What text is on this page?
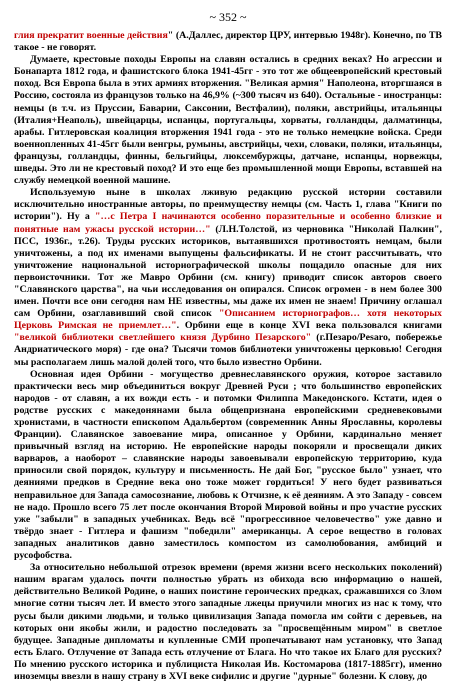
~ 352 ~

глия прекратит военные действия" (А.Даллес, директор ЦРУ, интервью 1948г). Конечно, по ТВ такое - не говорят.

Думаете, крестовые походы Европы на славян остались в средних веках? Но агрессии и Бонапарта 1812 года, и фашистского блока 1941-45гг - это тот же общеевропейский крестовый поход. Вся Европа была в этих армиях вторжения. "Великая армия" Наполеона, вторгшаяся в Россию, состояла из французов только на 46,9% (~300 тысяч из 640). Остальные - иностранцы: немцы (в т.ч. из Пруссии, Баварии, Саксонии, Вестфалии), поляки, австрийцы, итальянцы (Италия+Неаполь), швейцарцы, испанцы, португальцы, хорваты, голландцы, далматинцы, арабы. Гитлеровская коалиция вторжения 1941 года - это не только немецкие войска. Среди военнопленных 41-45гг были венгры, румыны, австрийцы, чехи, словаки, поляки, итальянцы, французы, голландцы, финны, бельгийцы, люксембуржцы, датчане, испанцы, норвежцы, шведы. Это ли не крестовый поход? И это еще без промышленной мощи Европы, вставшей на службу немецкой военной машине.

Используемую ныне в школах лживую редакцию русской истории составили исключительно иностранные авторы, по преимуществу немцы (см. Часть 1, глава "Книги по истории"). Ну а "…с Петра I начинаются особенно поразительные и особенно близкие и понятные нам ужасы русской истории…" (Л.Н.Толстой, из черновика "Николай Палкин", ПСС, 1936г., т.26). Труды русских историков, вытаявшихся противостоять немцам, были уничтожены, а под их именами выпущены фальсификаты. И не стоит рассчитывать, что уничтожение национальной историографической школы пощадило опасные для них первоисточники. Тот же Мавро Орбини (см. книгу) приводит список авторов своего "Славянского царства", на чьи исследования он опирался. Список огромен - в нем более 300 имен. Почти все они сегодня нам НЕ известны, мы даже их имен не знаем! Причину оглашал сам Орбини, озаглавивший свой список "Описанием историографов… хотя некоторых Церковь Римская не приемлет…". Орбини еще в конце XVI века пользовался книгами "великой библиотеки светлейшего князя Дурбино Пезарского" (г.Пезаро/Pesaro, побережье Андриатического моря) - где она? Тысячи томов библиотеки уничтожены церковью! Сегодня мы располагаем лишь малой долей того, что было известно Орбини.

Основная идея Орбини - могущество древнеславянского оружия, которое заставило практически весь мир объединиться вокруг Древней Руси ; что большинство европейских народов - от славян, а их вожди есть - и потомки Филиппа Македонского. Кстати, идея о родстве русских с македонянами была общепризнана европейскими средневековыми хронистами, в частности епископом Адальбертом (современник Анны Ярославны, королевы Франции). Славянское завоевание мира, описанное у Орбини, кардинально меняет привычный взгляд на историю. Не европейские народы покоряли и просвещали диких варваров, а наоборот – славянские народы завоевывали европейскую территорию, куда приносили свой порядок, культуру и письменность. Не дай Бог, "русское было" узнает, что деяниями предков в Средние века оно тоже может гордиться! У него будет развиваться неправильное для Запада самосознание, любовь к Отчизне, к её деяниям. А это Западу - совсем не надо. Прошло всего 75 лет после окончания Второй Мировой войны и про участие русских уже "забыли" в западных учебниках. Ведь всё "прогрессивное человечество" уже давно и твёрдо знает - Гитлера и фашизм "победили" американцы. А серое вещество в головах западных аналитиков давно заместилось компостом из самолюбования, амбиций и русофобства.

За относительно небольшой отрезок времени (время жизни всего нескольких поколений) нашим врагам удалось почти полностью убрать из обихода всю информацию о нашей, действительно Великой Родине, о наших поистине героических предках, сражавшихся со Злом многие сотни тысяч лет. И вместо этого западные лжецы приучили многих из нас к тому, что русы были дикими людьми, и только цивилизация Запада помогла им сойти с деревьев, на которых они якобы жили, и радостно последовать за "просвещённым миром" в светлое будущее. Западные дипломаты и купленные СМИ пропечатывают нам установку, что Запад есть Благо. Отлучение от Запада есть отлучение от Блага. Но что такое их Благо для русских? По мнению русского историка и публициста Николая Ив. Костомарова (1817-1885гг), именно иноземцы ввезли в нашу страну в XVI веке сифилис и другие "дурные" болезни. К слову, до
